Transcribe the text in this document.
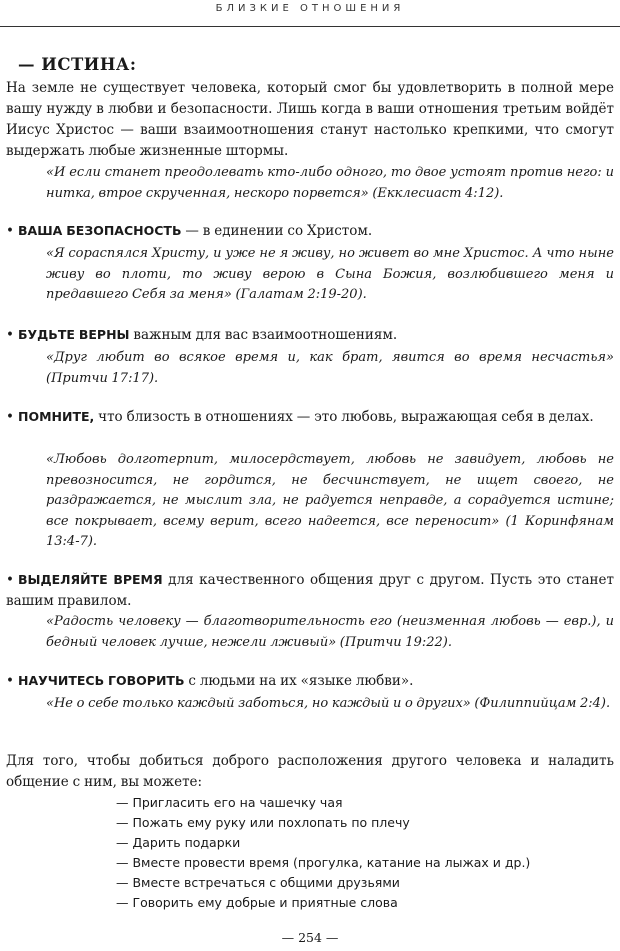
БЛИЗКИЕ ОТНОШЕНИЯ
— ИСТИНА:

На земле не существует человека, который смог бы удовлетворить в полной мере вашу нужду в любви и безопасности. Лишь когда в ваши отношения третьим войдёт Иисус Христос — ваши взаимоотношения станут настолько крепкими, что смогут выдержать любые жизненные штормы.

«И если станет преодолевать кто-либо одного, то двое устоят против него: и нитка, втрое скрученная, нескоро порвется» (Екклесиаст 4:12).

• ВАША БЕЗОПАСНОСТЬ — в единении со Христом.

«Я сораспялся Христу, и уже не я живу, но живет во мне Христос. А что ныне живу во плоти, то живу верою в Сына Божия, возлюбившего меня и предавшего Себя за меня» (Галатам 2:19-20).

• БУДЬТЕ ВЕРНЫ важным для вас взаимоотношениям.

«Друг любит во всякое время и, как брат, явится во время несчастья» (Притчи 17:17).

• ПОМНИТЕ, что близость в отношениях — это любовь, выражающая себя в делах.

«Любовь долготерпит, милосердствует, любовь не завидует, любовь не превозносится, не гордится, не бесчинствует, не ищет своего, не раздражается, не мыслит зла, не радуется неправде, а сорадуется истине; все покрывает, всему верит, всего надеется, все переносит» (1 Коринфянам 13:4-7).

• ВЫДЕЛЯЙТЕ ВРЕМЯ для качественного общения друг с другом. Пусть это станет вашим правилом.

«Радость человеку — благотворительность его (неизменная любовь — евр.), и бедный человек лучше, нежели лживый» (Притчи 19:22).

• НАУЧИТЕСЬ ГОВОРИТЬ с людьми на их «языке любви».

«Не о себе только каждый заботься, но каждый и о других» (Филиппийцам 2:4).

Для того, чтобы добиться доброго расположения другого человека и наладить общение с ним, вы можете:

— Пригласить его на чашечку чая
— Пожать ему руку или похлопать по плечу
— Дарить подарки
— Вместе провести время (прогулка, катание на лыжах и др.)
— Вместе встречаться с общими друзьями
— Говорить ему добрые и приятные слова
— 254 —
